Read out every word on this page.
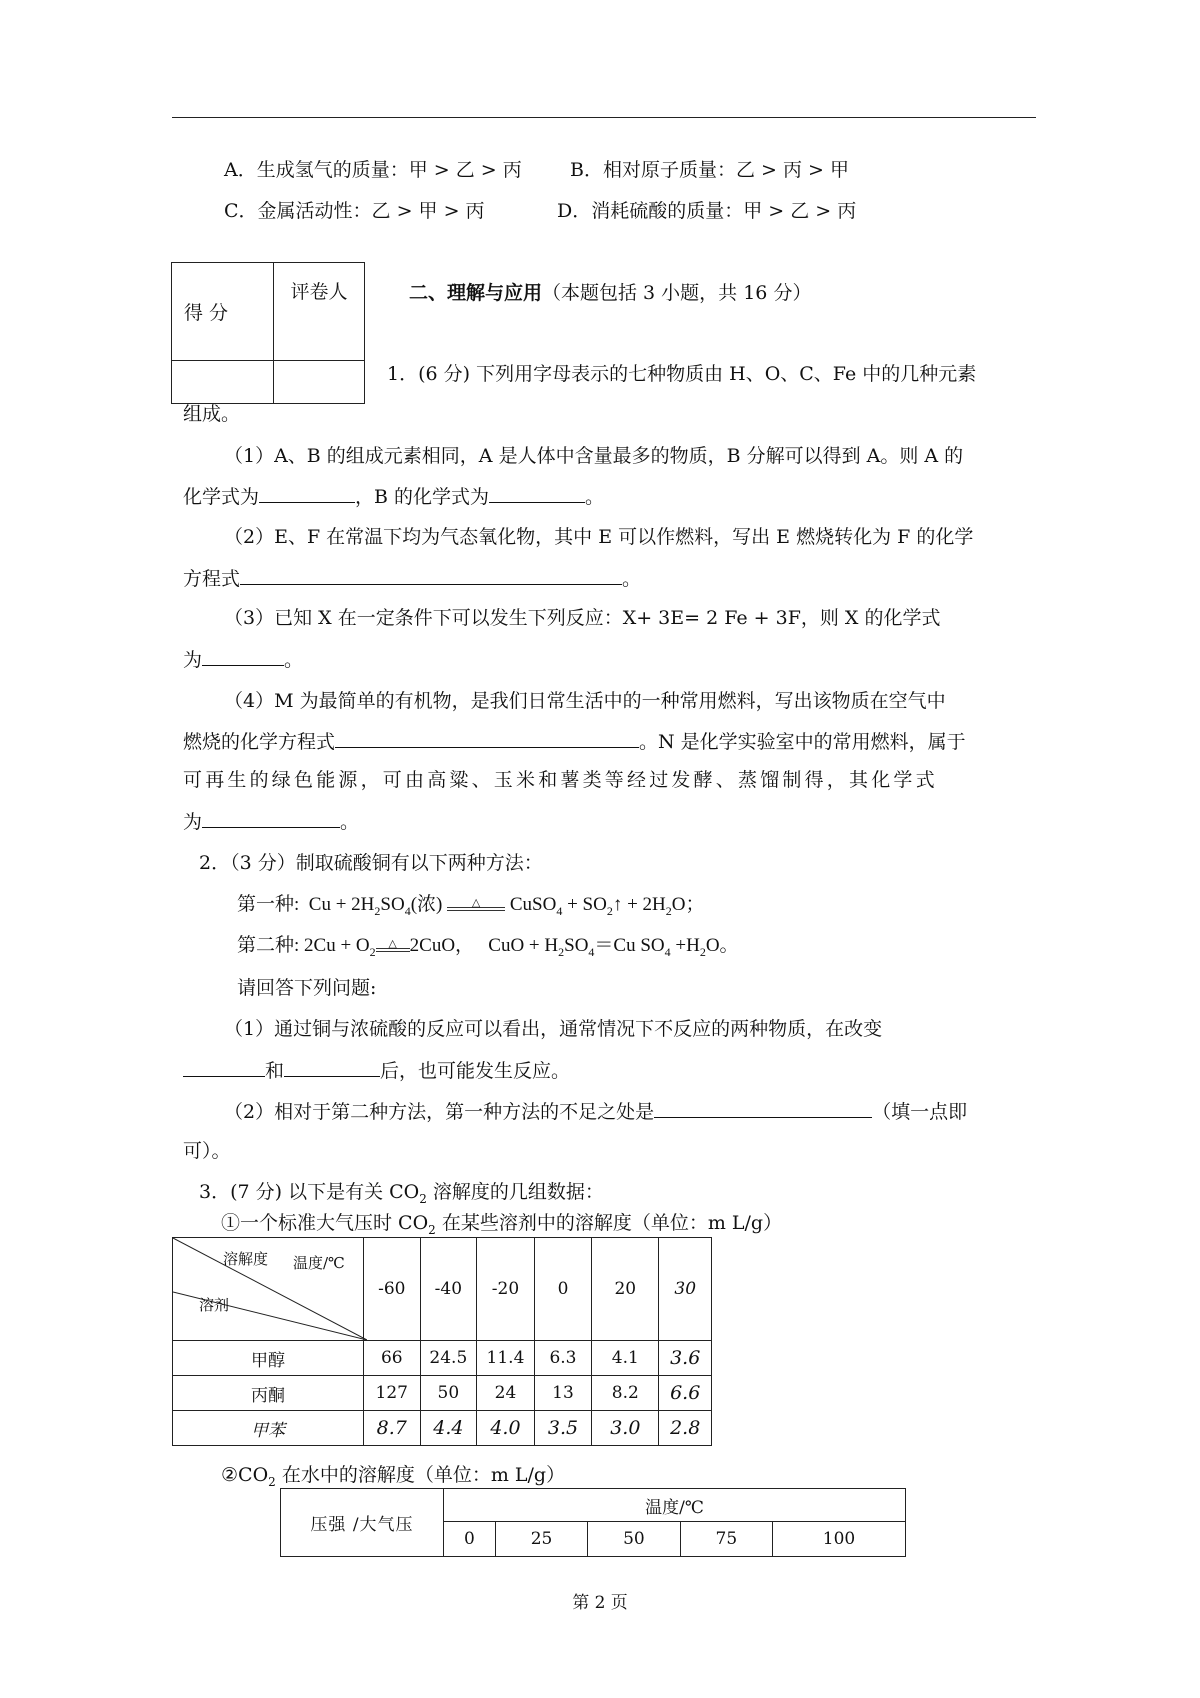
A．生成氢气的质量：甲 > 乙 > 丙	B．相对原子质量：乙 > 丙 > 甲
C．金属活动性：乙 > 甲 > 丙	D．消耗硫酸的质量：甲 > 乙 > 丙
得 分	评卷人
		二、理解与应用（本题包括 3 小题，共 16 分）
1．(6 分) 下列用字母表示的七种物质由 H、O、C、Fe 中的几种元素
组成。
（1）A、B 的组成元素相同，A 是人体中含量最多的物质，B 分解可以得到 A。则 A 的
化学式为	，B 的化学式为	。
（2）E、F 在常温下均为气态氧化物，其中 E 可以作燃料，写出 E 燃烧转化为 F 的化学
方程式	。
（3）已知 X 在一定条件下可以发生下列反应：X+ 3E= 2 Fe + 3F，则 X 的化学式
为	。
（4）M 为最简单的有机物，是我们日常生活中的一种常用燃料，写出该物质在空气中
燃烧的化学方程式	。N 是化学实验室中的常用燃料，属于
可再生的绿色能源，可由高粱、玉米和薯类等经过发酵、蒸馏制得，其化学式
为	。
2．（3 分）制取硫酸铜有以下两种方法：
第一种:  $Cu + 2H_2SO_4$(浓) △

CuSO$_4$ + $SO_2↑ + 2H_2O$；
第二种: $2Cu + O_2\triangle$ 2CuO，   CuO + $H_2SO_4=Cu$ $SO_4 +H_2O$。
请回答下列问题:
（1）通过铜与浓硫酸的反应可以看出，通常情况下不反应的两种物质，在改变
和	后，也可能发生反应。
（2）相对于第二种方法，第一种方法的不足之处是	（填一点即
可）。
3．(7 分) 以下是有关 $CO_2$ 溶解度的几组数据：
①一个标准大气压时 $CO_2$ 在某些溶剂中的溶解度（单位：m L/g）
溶解度 温度/℃
溶剂	-60	-40	-20	0	20	30
甲醇	66	24.5	11.4	6.3	4.1	3.6
丙酮	127	50	24	13	8.2	6.6
甲苯	8.7	4.4	4.0	3.5	3.0	2.8
$②CO_2$ 在水中的溶解度（单位：m L/g）
压强 /大气压	温度/℃				
	0	25	50	75	100
第 2 页
